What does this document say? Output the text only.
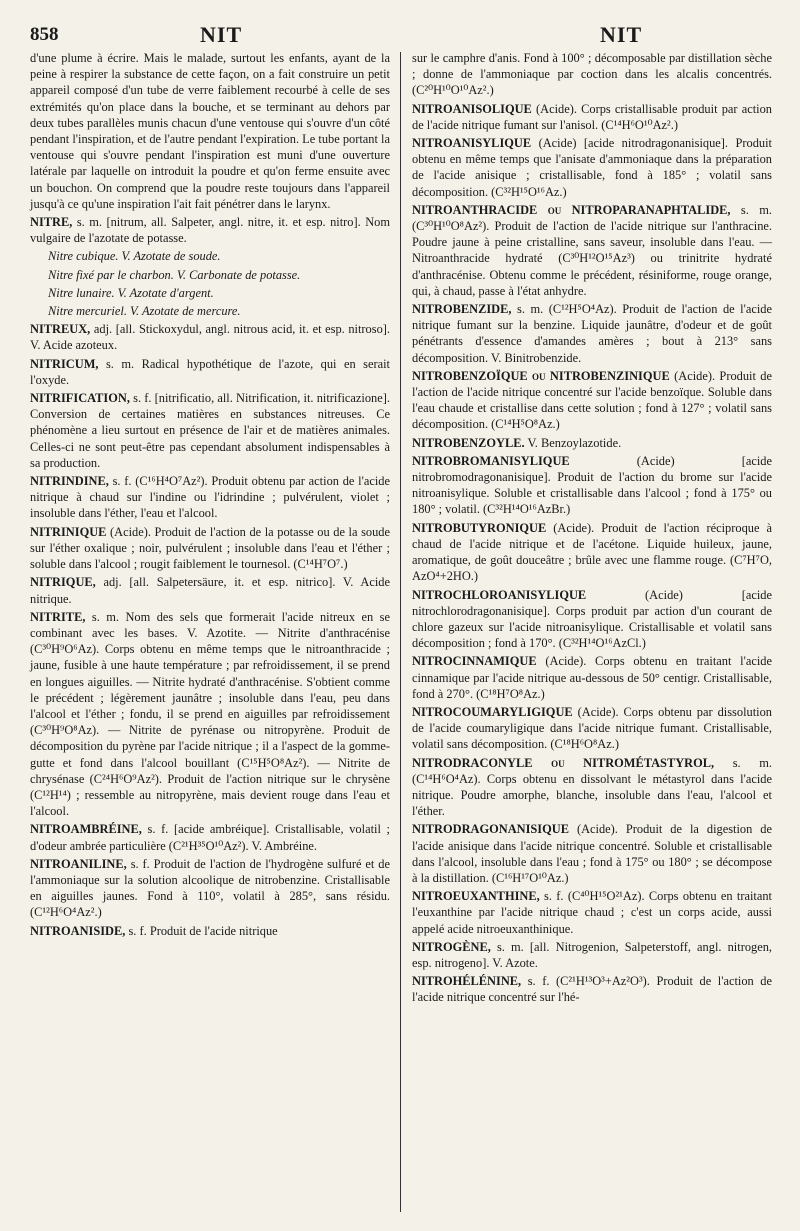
858	NIT	NIT

d'une plume à écrire. Mais le malade, surtout les enfants, ayant de la peine à respirer la substance de cette façon, on a fait construire un petit appareil composé d'un tube de verre faiblement recourbé à celle de ses extrémités qu'on place dans la bouche, et se terminant au dehors par deux tubes parallèles munis chacun d'une ventouse qui s'ouvre d'un côté pendant l'inspiration, et de l'autre pendant l'expiration. Le tube portant la ventouse qui s'ouvre pendant l'inspiration est muni d'une ouverture latérale par laquelle on introduit la poudre et qu'on ferme ensuite avec un bouchon. On comprend que la poudre reste toujours dans l'appareil jusqu'à ce qu'une inspiration l'ait fait pénétrer dans le larynx.

NITRE, s. m. [nitrum, all. Salpeter, angl. nitre, it. et esp. nitro]. Nom vulgaire de l'azotate de potasse.

Nitre cubique. V. Azotate de soude.

Nitre fixé par le charbon. V. Carbonate de potasse.

Nitre lunaire. V. Azotate d'argent.

Nitre mercuriel. V. Azotate de mercure.

NITREUX, adj. [all. Stickoxydul, angl. nitrous acid, it. et esp. nitroso]. V. Acide azoteux.

NITRICUM, s. m. Radical hypothétique de l'azote, qui en serait l'oxyde.

NITRIFICATION, s. f. [nitrificatio, all. Nitrification, it. nitrificazione]. Conversion de certaines matières en substances nitreuses. Ce phénomène a lieu surtout en présence de l'air et de matières animales. Celles-ci ne sont peut-être pas cependant absolument indispensables à sa production.

NITRINDINE, s. f. (C¹⁶H⁴O⁷Az²). Produit obtenu par action de l'acide nitrique à chaud sur l'indine ou l'idrindine ; pulvérulent, violet ; insoluble dans l'éther, l'eau et l'alcool.

NITRINIQUE (Acide). Produit de l'action de la potasse ou de la soude sur l'éther oxalique ; noir, pulvérulent ; insoluble dans l'eau et l'éther ; soluble dans l'alcool ; rougit faiblement le tournesol. (C¹⁴H⁷O⁷.)

NITRIQUE, adj. [all. Salpetersäure, it. et esp. nitrico]. V. Acide nitrique.

NITRITE, s. m. Nom des sels que formerait l'acide nitreux en se combinant avec les bases. V. Azotite. — Nitrite d'anthracénise (C³⁰H⁹O⁶Az). Corps obtenu en même temps que le nitroanthracide ; jaune, fusible à une haute température ; par refroidissement, il se prend en longues aiguilles. — Nitrite hydraté d'anthracénise. S'obtient comme le précédent ; légèrement jaunâtre ; insoluble dans l'eau, peu dans l'alcool et l'éther ; fondu, il se prend en aiguilles par refroidissement (C³⁰H⁹O⁸Az). — Nitrite de pyrénase ou nitropyrène. Produit de décomposition du pyrène par l'acide nitrique ; il a l'aspect de la gomme-gutte et fond dans l'alcool bouillant (C¹⁵H⁵O⁸Az²). — Nitrite de chrysénase (C²⁴H⁶O⁹Az²). Produit de l'action nitrique sur le chrysène (C¹²H¹⁴) ; ressemble au nitropyrène, mais devient rouge dans l'eau et l'alcool.

NITROAMBRÉINE, s. f. [acide ambréique]. Cristallisable, volatil ; d'odeur ambrée particulière (C²¹H³⁵O¹⁰Az²). V. Ambréine.

NITROANILINE, s. f. Produit de l'action de l'hydrogène sulfuré et de l'ammoniaque sur la solution alcoolique de nitrobenzine. Cristallisable en aiguilles jaunes. Fond à 110°, volatil à 285°, sans résidu. (C¹²H⁶O⁴Az².)

NITROANISIDE, s. f. Produit de l'acide nitrique

sur le camphre d'anis. Fond à 100° ; décomposable par distillation sèche ; donne de l'ammoniaque par coction dans les alcalis concentrés. (C²⁰H¹⁰O¹⁰Az².)

NITROANISOLIQUE (Acide). Corps cristallisable produit par action de l'acide nitrique fumant sur l'anisol. (C¹⁴H⁶O¹⁰Az².)

NITROANISYLIQUE (Acide) [acide nitrodragonanisique]. Produit obtenu en même temps que l'anisate d'ammoniaque dans la préparation de l'acide anisique ; cristallisable, fond à 185° ; volatil sans décomposition. (C³²H¹⁵O¹⁶Az.)

NITROANTHRACIDE ou NITROPARANAPHTALIDE, s. m. (C³⁰H¹⁰O⁸Az²). Produit de l'action de l'acide nitrique sur l'anthracine. Poudre jaune à peine cristalline, sans saveur, insoluble dans l'eau. — Nitroanthracide hydraté (C³⁰H¹²O¹⁵Az³) ou trinitrite hydraté d'anthracénise. Obtenu comme le précédent, résiniforme, rouge orange, qui, à chaud, passe à l'état anhydre.

NITROBENZIDE, s. m. (C¹²H⁵O⁴Az). Produit de l'action de l'acide nitrique fumant sur la benzine. Liquide jaunâtre, d'odeur et de goût pénétrants d'essence d'amandes amères ; bout à 213° sans décomposition. V. Binitrobenzide.

NITROBENZOÏQUE ou NITROBENZINIQUE (Acide). Produit de l'action de l'acide nitrique concentré sur l'acide benzoïque. Soluble dans l'eau chaude et cristallise dans cette solution ; fond à 127° ; volatil sans décomposition. (C¹⁴H⁵O⁸Az.)

NITROBENZOYLE. V. Benzoylazotide.

NITROBROMANISYLIQUE	(Acide) [acide nitrobromodragonanisique]. Produit de l'action du brome sur l'acide nitroanisylique. Soluble et cristallisable dans l'alcool ; fond à 175° ou 180° ; volatil. (C³²H¹⁴O¹⁶AzBr.)

NITROBUTYRONIQUE (Acide). Produit de l'action réciproque à chaud de l'acide nitrique et de l'acétone. Liquide huileux, jaune, aromatique, de goût douceâtre ; brûle avec une flamme rouge. (C⁷H⁷O, AzO⁴+2HO.)

NITROCHLOROANISYLIQUE	(Acide) [acide nitrochlorodragonanisique]. Corps produit par action d'un courant de chlore gazeux sur l'acide nitroanisylique. Cristallisable et volatil sans décomposition ; fond à 170°. (C³²H¹⁴O¹⁶AzCl.)

NITROCINNAMIQUE (Acide). Corps obtenu en traitant l'acide cinnamique par l'acide nitrique au-dessous de 50° centigr. Cristallisable, fond à 270°. (C¹⁸H⁷O⁸Az.)

NITROCOUMARYLIGIQUE (Acide). Corps obtenu par dissolution de l'acide coumaryligique dans l'acide nitrique fumant. Cristallisable, volatil sans décomposition. (C¹⁸H⁶O⁸Az.)

NITRODRACONYLE ou NITROMÉTASTYROL, s. m. (C¹⁴H⁶O⁴Az). Corps obtenu en dissolvant le métastyrol dans l'acide nitrique. Poudre amorphe, blanche, insoluble dans l'eau, l'alcool et l'éther.

NITRODRAGONANISIQUE (Acide). Produit de la digestion de l'acide anisique dans l'acide nitrique concentré. Soluble et cristallisable dans l'alcool, insoluble dans l'eau ; fond à 175° ou 180° ; se décompose à la distillation. (C¹⁶H¹⁷O¹⁰Az.)

NITROEUXANTHINE, s. f. (C⁴⁰H¹⁵O²¹Az). Corps obtenu en traitant l'euxanthine par l'acide nitrique chaud ; c'est un corps acide, aussi appelé acide nitroeuxanthinique.

NITROGÈNE, s. m. [all. Nitrogenion, Salpeterstoff, angl. nitrogen, esp. nitrogeno]. V. Azote.

NITROHÉLÉNINE, s. f. (C²¹H¹³O³+Az²O³). Produit de l'action de l'acide nitrique concentré sur l'hé-
